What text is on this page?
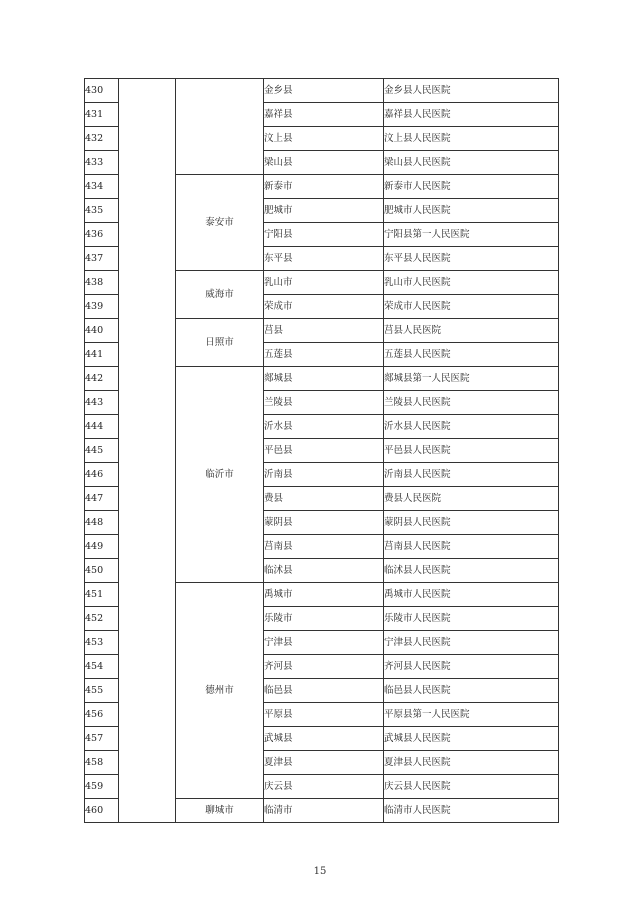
430			金乡县	金乡县人民医院
431			嘉祥县	嘉祥县人民医院
432			汶上县	汶上县人民医院
433			梁山县	梁山县人民医院
434		泰安市	新泰市	新泰市人民医院
435			肥城市	肥城市人民医院
436			宁阳县	宁阳县第一人民医院
437			东平县	东平县人民医院
438		威海市	乳山市	乳山市人民医院
439			荣成市	荣成市人民医院
440		日照市	莒县	莒县人民医院
441			五莲县	五莲县人民医院
442		临沂市	郯城县	郯城县第一人民医院
443			兰陵县	兰陵县人民医院
444			沂水县	沂水县人民医院
445			平邑县	平邑县人民医院
446			沂南县	沂南县人民医院
447			费县	费县人民医院
448			蒙阴县	蒙阴县人民医院
449			莒南县	莒南县人民医院
450			临沭县	临沭县人民医院
451		德州市	禹城市	禹城市人民医院
452			乐陵市	乐陵市人民医院
453			宁津县	宁津县人民医院
454			齐河县	齐河县人民医院
455			临邑县	临邑县人民医院
456			平原县	平原县第一人民医院
457			武城县	武城县人民医院
458			夏津县	夏津县人民医院
459			庆云县	庆云县人民医院
460		聊城市	临清市	临清市人民医院
15
